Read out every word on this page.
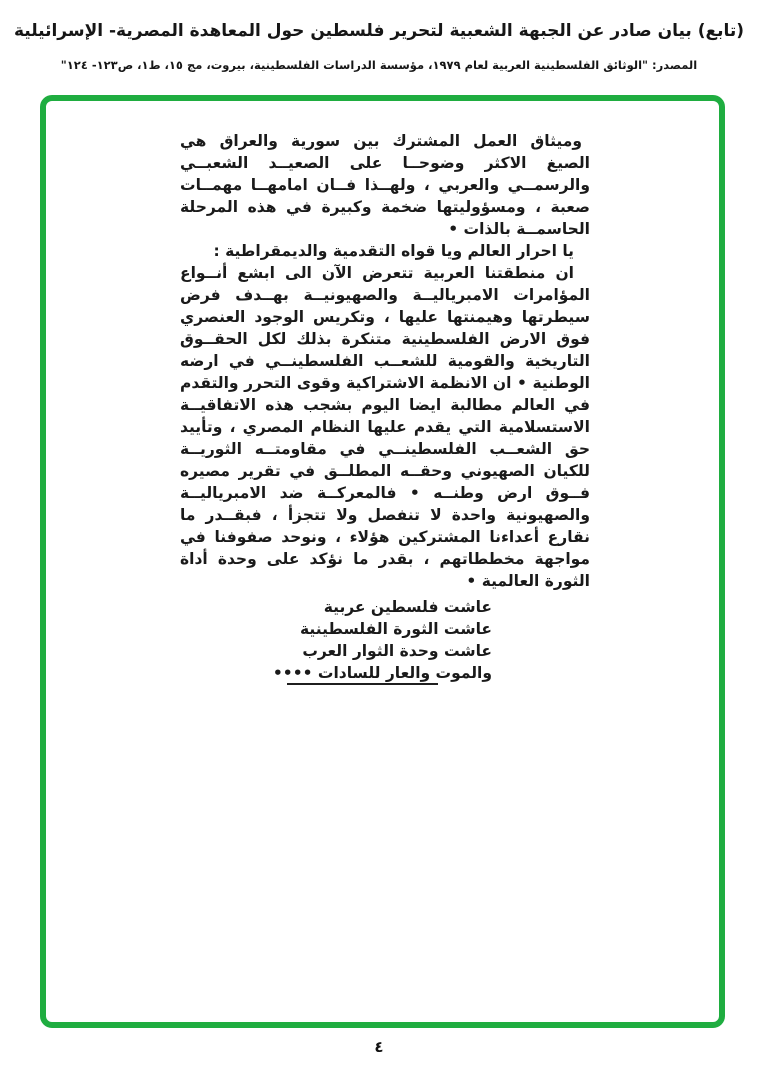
(تابع) بيان صادر عن الجبهة الشعبية لتحرير فلسطين حول المعاهدة المصرية- الإسرائيلية
المصدر: "الوثائق الفلسطينية العربية لعام ١٩٧٩، مؤسسة الدراسات الفلسطينية، بيروت، مج ١٥، ط١، ص١٢٣- ١٢٤"

وميثاق العمل المشترك بين سورية والعراق هي الصيغ الاكثر وضوحــا على الصعيــد الشعبــي والرسمــي والعربي ، ولهــذا فــان امامهــا مهمــات صعبة ، ومسؤوليتها ضخمة وكبيرة في هذه المرحلة الحاسمــة بالذات •

يا احرار العالم ويا قواه التقدمية والديمقراطية :

ان منطقتنا العربية تتعرض الآن الى ابشع أنــواع المؤامرات الامبرياليــة والصهيونيــة بهــدف فرض سيطرتها وهيمنتها عليها ، وتكريس الوجود العنصري فوق الارض الفلسطينية متنكرة بذلك لكل الحقــوق التاريخية والقومية للشعــب الفلسطينــي في ارضه الوطنية • ان الانظمة الاشتراكية وقوى التحرر والتقدم في العالم مطالبة ايضا اليوم بشجب هذه الاتفاقيــة الاستسلامية التي يقدم عليها النظام المصري ، وتأييد حق الشعــب الفلسطينــي في مقاومتــه الثوريــة للكيان الصهيوني وحقــه المطلــق في تقرير مصيره فــوق ارض وطنــه • فالمعركــة ضد الامبرياليــة والصهيونية واحدة لا تنفصل ولا تتجزأ ، فبقــدر ما نقارع أعداءنا المشتركين هؤلاء ، ونوحد صفوفنا في مواجهة مخططاتهم ، بقدر ما نؤكد على وحدة أداة الثورة العالمية •

عاشت فلسطين عربية
عاشت الثورة الفلسطينية
عاشت وحدة الثوار العرب
والموت والعار للسادات ••••
٤
